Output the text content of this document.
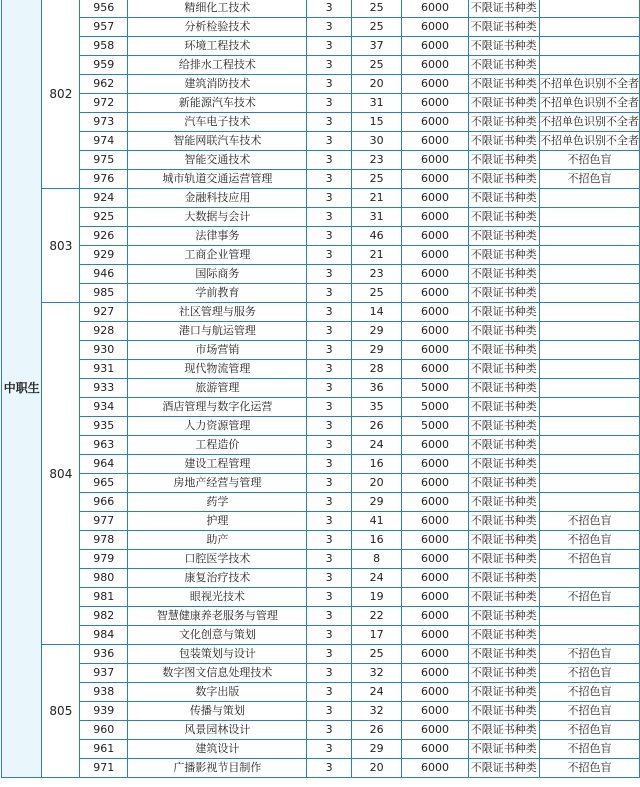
中职生	802	956	精细化工技术	3	25	6000	不限证书种类	
		957	分析检验技术	3	25	6000	不限证书种类	
		958	环境工程技术	3	37	6000	不限证书种类	
		959	给排水工程技术	3	25	6000	不限证书种类	
		962	建筑消防技术	3	20	6000	不限证书种类	不招单色识别不全者
		972	新能源汽车技术	3	31	6000	不限证书种类	不招单色识别不全者
		973	汽车电子技术	3	15	6000	不限证书种类	不招单色识别不全者
		974	智能网联汽车技术	3	30	6000	不限证书种类	不招单色识别不全者
		975	智能交通技术	3	23	6000	不限证书种类	不招色盲
		976	城市轨道交通运营管理	3	25	6000	不限证书种类	不招色盲
	803	924	金融科技应用	3	21	6000	不限证书种类	
		925	大数据与会计	3	31	6000	不限证书种类	
		926	法律事务	3	46	6000	不限证书种类	
		929	工商企业管理	3	21	6000	不限证书种类	
		946	国际商务	3	23	6000	不限证书种类	
		985	学前教育	3	25	6000	不限证书种类	
	804	927	社区管理与服务	3	14	6000	不限证书种类	
		928	港口与航运管理	3	29	6000	不限证书种类	
		930	市场营销	3	29	6000	不限证书种类	
		931	现代物流管理	3	28	6000	不限证书种类	
		933	旅游管理	3	36	5000	不限证书种类	
		934	酒店管理与数字化运营	3	35	5000	不限证书种类	
		935	人力资源管理	3	26	5000	不限证书种类	
		963	工程造价	3	24	6000	不限证书种类	
		964	建设工程管理	3	16	6000	不限证书种类	
		965	房地产经营与管理	3	20	6000	不限证书种类	
		966	药学	3	29	6000	不限证书种类	
		977	护理	3	41	6000	不限证书种类	不招色盲
		978	助产	3	16	6000	不限证书种类	不招色盲
		979	口腔医学技术	3	8	6000	不限证书种类	不招色盲
		980	康复治疗技术	3	24	6000	不限证书种类	
		981	眼视光技术	3	19	6000	不限证书种类	不招色盲
		982	智慧健康养老服务与管理	3	22	6000	不限证书种类	
		984	文化创意与策划	3	17	6000	不限证书种类	
	805	936	包装策划与设计	3	25	6000	不限证书种类	不招色盲
		937	数字图文信息处理技术	3	32	6000	不限证书种类	不招色盲
		938	数字出版	3	24	6000	不限证书种类	不招色盲
		939	传播与策划	3	32	6000	不限证书种类	不招色盲
		960	风景园林设计	3	26	6000	不限证书种类	不招色盲
		961	建筑设计	3	29	6000	不限证书种类	不招色盲
		971	广播影视节目制作	3	20	6000	不限证书种类	不招色盲
